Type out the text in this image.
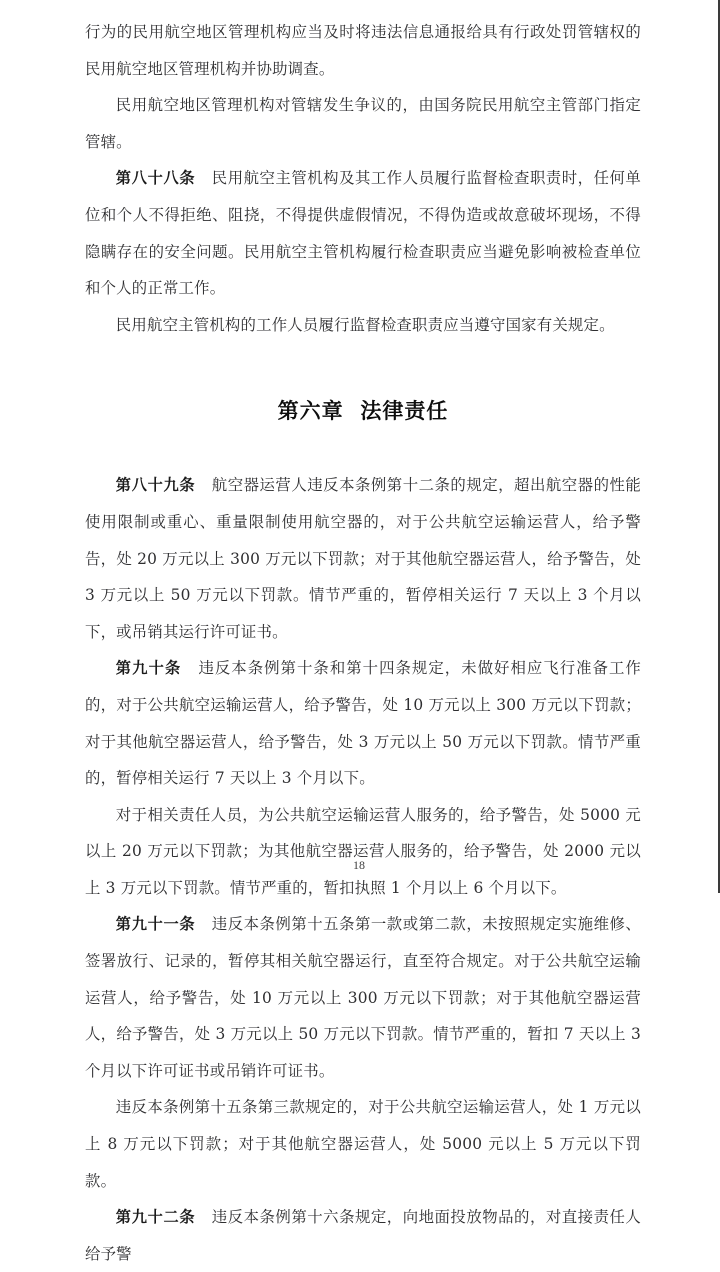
行为的民用航空地区管理机构应当及时将违法信息通报给具有行政处罚管辖权的民用航空地区管理机构并协助调查。

民用航空地区管理机构对管辖发生争议的，由国务院民用航空主管部门指定管辖。

第八十八条 民用航空主管机构及其工作人员履行监督检查职责时，任何单位和个人不得拒绝、阻挠，不得提供虚假情况，不得伪造或故意破坏现场，不得隐瞒存在的安全问题。民用航空主管机构履行检查职责应当避免影响被检查单位和个人的正常工作。

民用航空主管机构的工作人员履行监督检查职责应当遵守国家有关规定。

第六章 法律责任

第八十九条 航空器运营人违反本条例第十二条的规定，超出航空器的性能使用限制或重心、重量限制使用航空器的，对于公共航空运输运营人，给予警告，处 20 万元以上 300 万元以下罚款；对于其他航空器运营人，给予警告，处 3 万元以上 50 万元以下罚款。情节严重的，暂停相关运行 7 天以上 3 个月以下，或吊销其运行许可证书。

第九十条 违反本条例第十条和第十四条规定，未做好相应飞行准备工作的，对于公共航空运输运营人，给予警告，处 10 万元以上 300 万元以下罚款；对于其他航空器运营人，给予警告，处 3 万元以上 50 万元以下罚款。情节严重的，暂停相关运行 7 天以上 3 个月以下。

对于相关责任人员，为公共航空运输运营人服务的，给予警告，处 5000 元以上 20 万元以下罚款；为其他航空器运营人服务的，给予警告，处 2000 元以上 3 万元以下罚款。情节严重的，暂扣执照 1 个月以上 6 个月以下。

第九十一条 违反本条例第十五条第一款或第二款，未按照规定实施维修、签署放行、记录的，暂停其相关航空器运行，直至符合规定。对于公共航空运输运营人，给予警告，处 10 万元以上 300 万元以下罚款；对于其他航空器运营人，给予警告，处 3 万元以上 50 万元以下罚款。情节严重的，暂扣 7 天以上 3 个月以下许可证书或吊销许可证书。

违反本条例第十五条第三款规定的，对于公共航空运输运营人，处 1 万元以上 8 万元以下罚款；对于其他航空器运营人，处 5000 元以上 5 万元以下罚款。

第九十二条 违反本条例第十六条规定，向地面投放物品的，对直接责任人给予警

18
